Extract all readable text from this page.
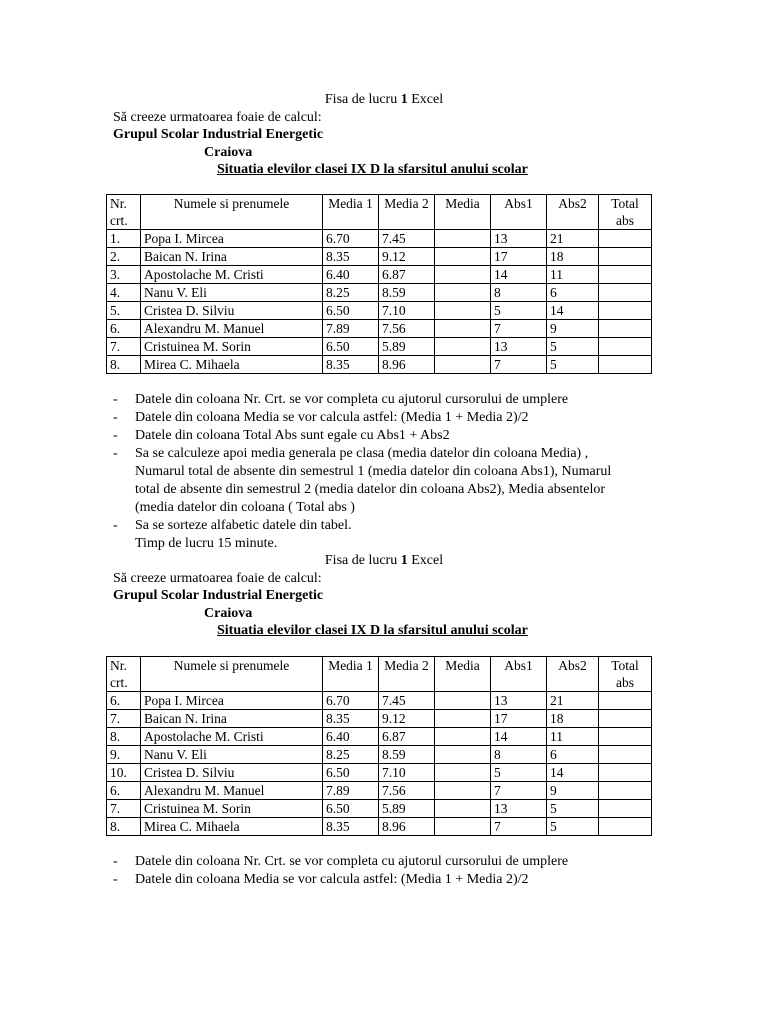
Fisa de lucru 1 Excel
Să creeze urmatoarea foaie de calcul:
Grupul Scolar Industrial Energetic
Craiova
Situatia elevilor clasei IX D la sfarsitul anului scolar
Nr. crt.	Numele si prenumele	Media 1	Media 2	Media	Abs1	Abs2	Total abs
1.	Popa I. Mircea	6.70	7.45		13	21	
2.	Baican N. Irina	8.35	9.12		17	18	
3.	Apostolache M. Cristi	6.40	6.87		14	11	
4.	Nanu V. Eli	8.25	8.59		8	6	
5.	Cristea D. Silviu	6.50	7.10		5	14	
6.	Alexandru M. Manuel	7.89	7.56		7	9	
7.	Cristuinea M. Sorin	6.50	5.89		13	5	
8.	Mirea C. Mihaela	8.35	8.96		7	5	
- Datele din coloana Nr. Crt. se vor completa cu ajutorul cursorului de umplere
- Datele din coloana Media se vor calcula astfel: (Media 1 + Media 2)/2
- Datele din coloana Total Abs sunt egale cu Abs1 + Abs2
- Sa se calculeze apoi media generala pe clasa (media datelor din coloana Media) ,
Numarul total de absente din semestrul 1 (media datelor din coloana Abs1), Numarul
total de absente din semestrul 2 (media datelor din coloana Abs2), Media absentelor
(media datelor din coloana ( Total abs )
- Sa se sorteze alfabetic datele din tabel.
Timp de lucru 15 minute.
Fisa de lucru 1 Excel
Să creeze urmatoarea foaie de calcul:
Grupul Scolar Industrial Energetic
Craiova
Situatia elevilor clasei IX D la sfarsitul anului scolar
Nr. crt.	Numele si prenumele	Media 1	Media 2	Media	Abs1	Abs2	Total abs
6.	Popa I. Mircea	6.70	7.45		13	21	
7.	Baican N. Irina	8.35	9.12		17	18	
8.	Apostolache M. Cristi	6.40	6.87		14	11	
9.	Nanu V. Eli	8.25	8.59		8	6	
10.	Cristea D. Silviu	6.50	7.10		5	14	
6.	Alexandru M. Manuel	7.89	7.56		7	9	
7.	Cristuinea M. Sorin	6.50	5.89		13	5	
8.	Mirea C. Mihaela	8.35	8.96		7	5	
- Datele din coloana Nr. Crt. se vor completa cu ajutorul cursorului de umplere
- Datele din coloana Media se vor calcula astfel: (Media 1 + Media 2)/2
